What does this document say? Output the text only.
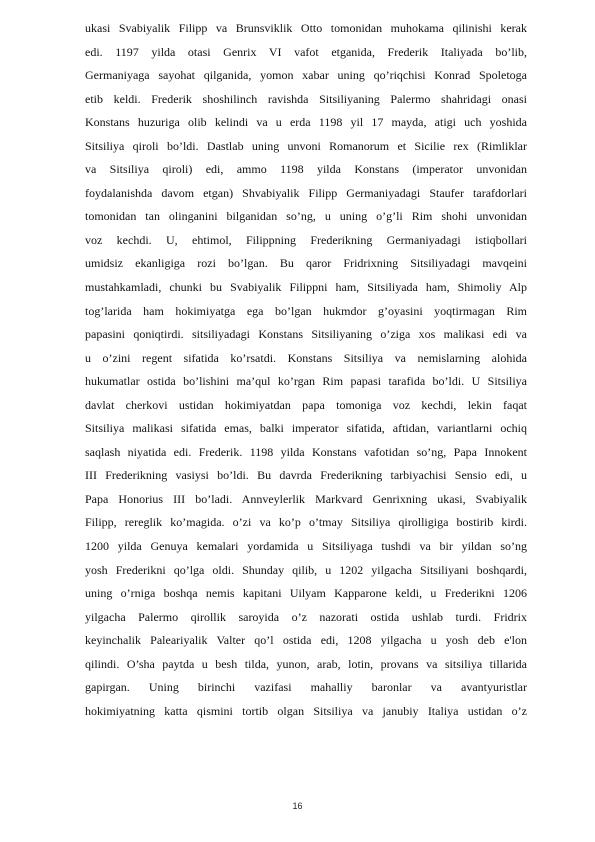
ukasi Svabiyalik Filipp va Brunsviklik Otto tomonidan muhokama qilinishi kerak
edi. 1197 yilda otasi Genrix VI vafot etganida, Frederik Italiyada bo’lib,
Germaniyaga sayohat qilganida, yomon xabar uning qo’riqchisi Konrad Spoletoga
etib keldi. Frederik shoshilinch ravishda Sitsiliyaning Palermo shahridagi onasi
Konstans huzuriga olib kelindi va u erda 1198 yil 17 mayda, atigi uch yoshida
Sitsiliya qiroli bo’ldi. Dastlab uning unvoni Romanorum et Sicilie rex (Rimliklar
va Sitsiliya qiroli) edi, ammo 1198 yilda Konstans (imperator unvonidan
foydalanishda davom etgan) Shvabiyalik Filipp Germaniyadagi Staufer tarafdorlari
tomonidan tan olinganini bilganidan so’ng, u uning o’g’li Rim shohi unvonidan
voz kechdi. U, ehtimol, Filippning Frederikning Germaniyadagi istiqbollari
umidsiz ekanligiga rozi bo’lgan. Bu qaror Fridrixning Sitsiliyadagi mavqeini
mustahkamladi, chunki bu Svabiyalik Filippni ham, Sitsiliyada ham, Shimoliy Alp
tog’larida ham hokimiyatga ega bo’lgan hukmdor g’oyasini yoqtirmagan Rim
papasini qoniqtirdi. sitsiliyadagi Konstans Sitsiliyaning o’ziga xos malikasi edi va
u o’zini regent sifatida ko’rsatdi. Konstans Sitsiliya va nemislarning alohida
hukumatlar ostida bo’lishini ma’qul ko’rgan Rim papasi tarafida bo’ldi. U Sitsiliya
davlat cherkovi ustidan hokimiyatdan papa tomoniga voz kechdi, lekin faqat
Sitsiliya malikasi sifatida emas, balki imperator sifatida, aftidan, variantlarni ochiq
saqlash niyatida edi. Frederik. 1198 yilda Konstans vafotidan so’ng, Papa Innokent
III Frederikning vasiysi bo’ldi. Bu davrda Frederikning tarbiyachisi Sensio edi, u
Papa Honorius III bo’ladi. Annveylerlik Markvard Genrixning ukasi, Svabiyalik
Filipp, rereglik ko’magida. o’zi va ko’p o’tmay Sitsiliya qirolligiga bostirib kirdi.
1200 yilda Genuya kemalari yordamida u Sitsiliyaga tushdi va bir yildan so’ng
yosh Frederikni qo’lga oldi. Shunday qilib, u 1202 yilgacha Sitsiliyani boshqardi,
uning o’rniga boshqa nemis kapitani Uilyam Kapparone keldi, u Frederikni 1206
yilgacha Palermo qirollik saroyida o’z nazorati ostida ushlab turdi. Fridrix
keyinchalik Paleariyalik Valter qo’l ostida edi, 1208 yilgacha u yosh deb e'lon
qilindi. O’sha paytda u besh tilda, yunon, arab, lotin, provans va sitsiliya tillarida
gapirgan. Uning birinchi vazifasi mahalliy baronlar va avantyuristlar
hokimiyatning katta qismini tortib olgan Sitsiliya va janubiy Italiya ustidan o’z
16
